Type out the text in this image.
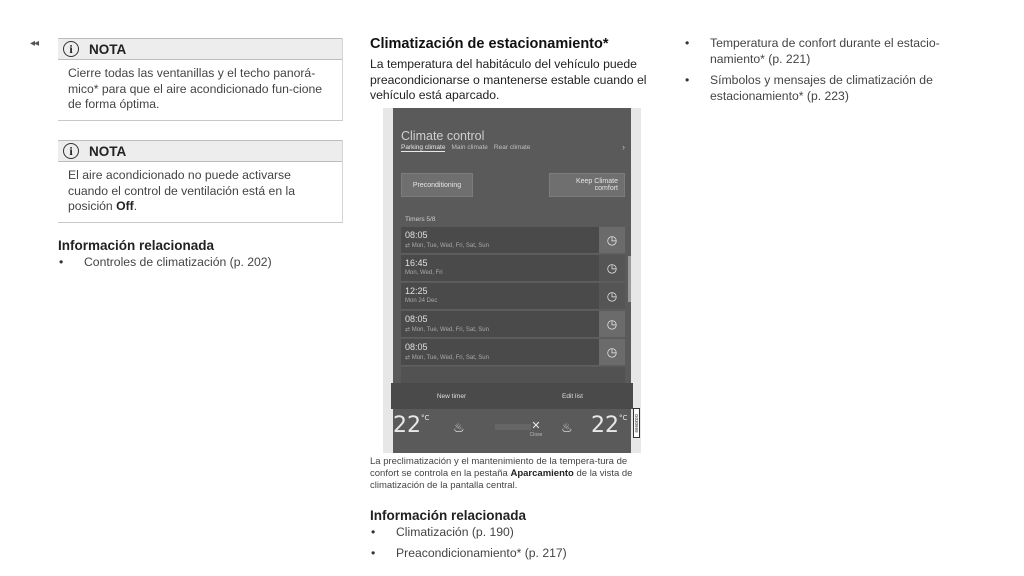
◂◂	i	NOTA
Cierre todas las ventanillas y el techo panorá-mico* para que el aire acondicionado fun-cione de forma óptima.
i	NOTA
El aire acondicionado no puede activarse cuando el control de ventilación está en la posición Off.
Información relacionada
• Controles de climatización (p. 202)
Climatización de estacionamiento*
La temperatura del habitáculo del vehículo puede preacondicionarse o mantenerse estable cuando el vehículo está aparcado.
Climate control
Parking climate Main climate Rear climate	›
Preconditioning	Keep Climate comfort
Timers 5/8
08:05
⇄ Mon, Tue, Wed, Fri, Sat, Sun	◷
16:45
Mon, Wed, Fri	◷
12:25
Mon 24 Dec	◷
08:05
⇄ Mon, Tue, Wed, Fri, Sat, Sun	◷
08:05
⇄ Mon, Tue, Wed, Fri, Sat, Sun	◷
New timer	Edit list
$22^{^\circ C}$
♨	✕
Close	♨ $22^{^\circ C}$ G030999
La preclimatización y el mantenimiento de la tempera-tura de confort se controla en la pestaña Aparcamiento de la vista de climatización de la pantalla central.
Información relacionada
• Climatización (p. 190)
• Preacondicionamiento* (p. 217)
• Temperatura de confort durante el estacio-namiento* (p. 221)
• Símbolos y mensajes de climatización de estacionamiento* (p. 223)
